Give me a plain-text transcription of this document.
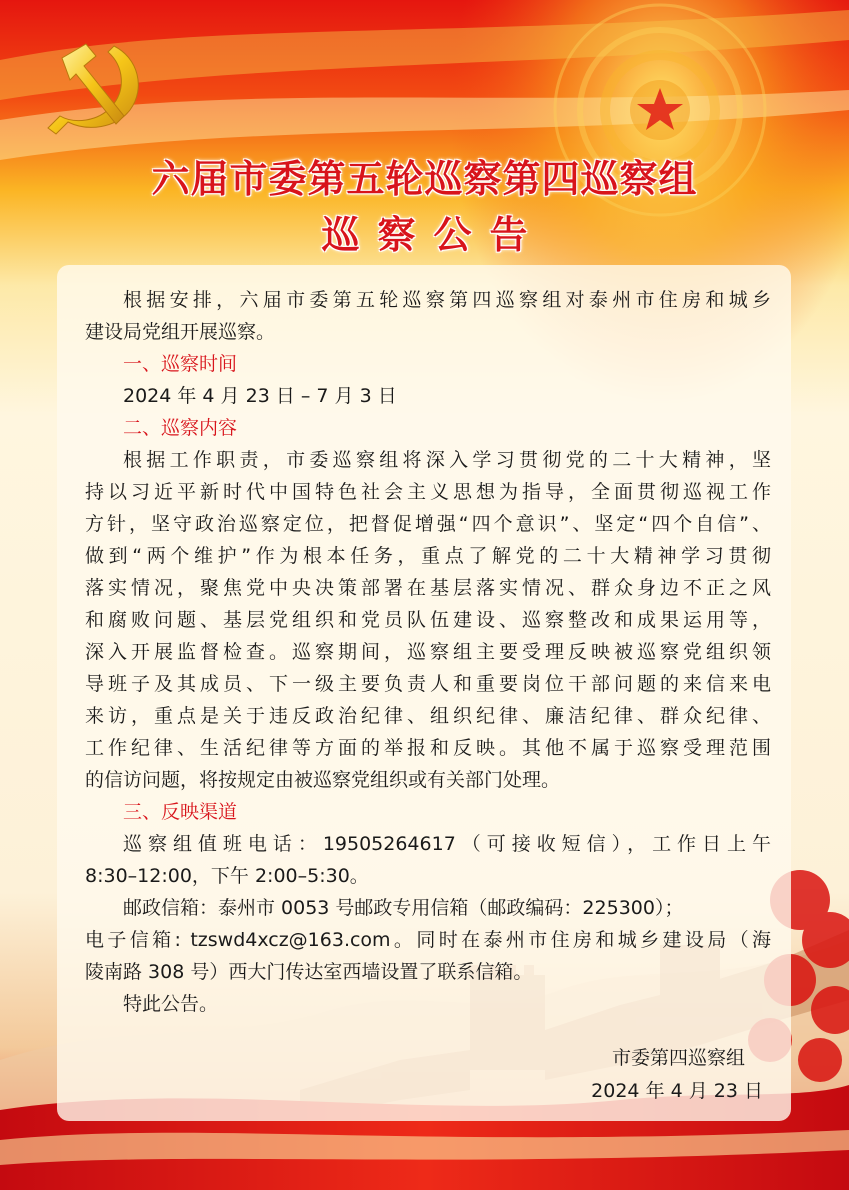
六届市委第五轮巡察第四巡察组
巡察公告

根据安排，六届市委第五轮巡察第四巡察组对泰州市住房和城乡

建设局党组开展巡察。

一、巡察时间

2024 年 4 月 23 日 – 7 月 3 日

二、巡察内容

根据工作职责，市委巡察组将深入学习贯彻党的二十大精神，坚

持以习近平新时代中国特色社会主义思想为指导，全面贯彻巡视工作

方针，坚守政治巡察定位，把督促增强“四个意识”、坚定“四个自信”、

做到“两个维护”作为根本任务，重点了解党的二十大精神学习贯彻

落实情况，聚焦党中央决策部署在基层落实情况、群众身边不正之风

和腐败问题、基层党组织和党员队伍建设、巡察整改和成果运用等，

深入开展监督检查。巡察期间，巡察组主要受理反映被巡察党组织领

导班子及其成员、下一级主要负责人和重要岗位干部问题的来信来电

来访，重点是关于违反政治纪律、组织纪律、廉洁纪律、群众纪律、

工作纪律、生活纪律等方面的举报和反映。其他不属于巡察受理范围

的信访问题，将按规定由被巡察党组织或有关部门处理。

三、反映渠道

巡察组值班电话：19505264617（可接收短信），工作日上午

8:30–12:00，下午 2:00–5:30。

邮政信箱：泰州市 0053 号邮政专用信箱（邮政编码：225300）；

电子信箱: tzswd4xcz@163.com。同时在泰州市住房和城乡建设局（海

陵南路 308 号）西大门传达室西墙设置了联系信箱。

特此公告。

市委第四巡察组
2024 年 4 月 23 日
